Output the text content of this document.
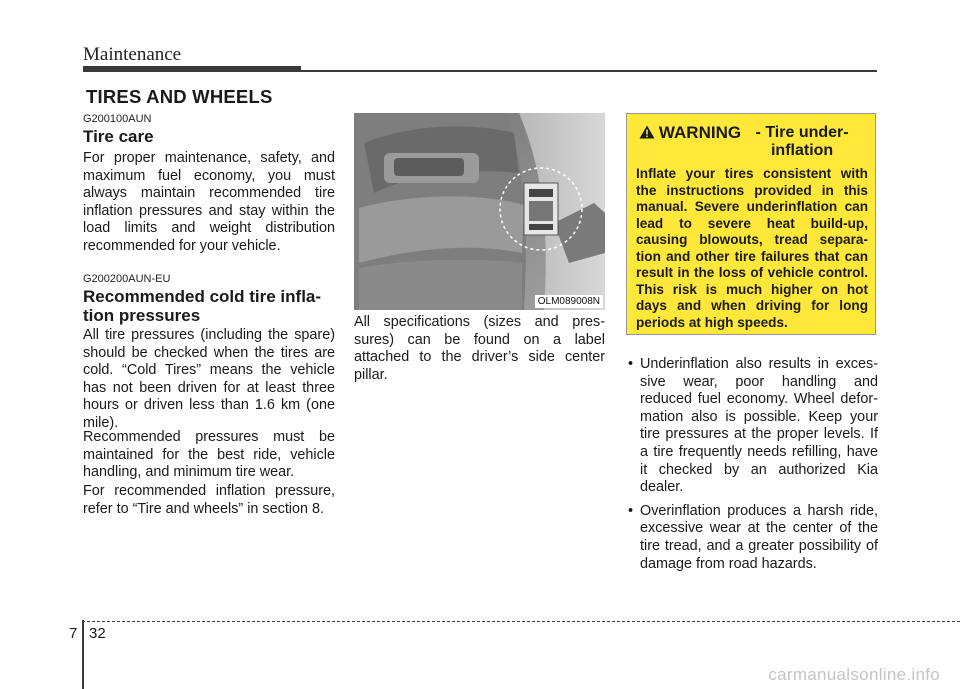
Maintenance
TIRES AND WHEELS
G200100AUN
Tire care
For proper maintenance, safety, and maximum fuel economy, you must always maintain recommended tire inflation pressures and stay within the load limits and weight distribution recommended for your vehicle.
G200200AUN-EU
Recommended cold tire infla- tion pressures
All tire pressures (including the spare) should be checked when the tires are cold. “Cold Tires” means the vehicle has not been driven for at least three hours or driven less than 1.6 km (one mile).
Recommended pressures must be maintained for the best ride, vehicle handling, and minimum tire wear.
For recommended inflation pressure, refer to “Tire and wheels” in section 8.
OLM089008N
All specifications (sizes and pres- sures) can be found on a label attached to the driver’s side center pillar.
WARNING- Tire under- inflation
Inflate your tires consistent with the instructions provided in this manual. Severe underinflation can lead to severe heat build-up, causing blowouts, tread separa- tion and other tire failures that can result in the loss of vehicle control. This risk is much higher on hot days and when driving for long periods at high speeds.
• Underinflation also results in exces- sive wear, poor handling and reduced fuel economy. Wheel defor- mation also is possible. Keep your tire pressures at the proper levels. If a tire frequently needs refilling, have it checked by an authorized Kia dealer.
• Overinflation produces a harsh ride, excessive wear at the center of the tire tread, and a greater possibility of damage from road hazards.
7 32
carmanualsonline.info
